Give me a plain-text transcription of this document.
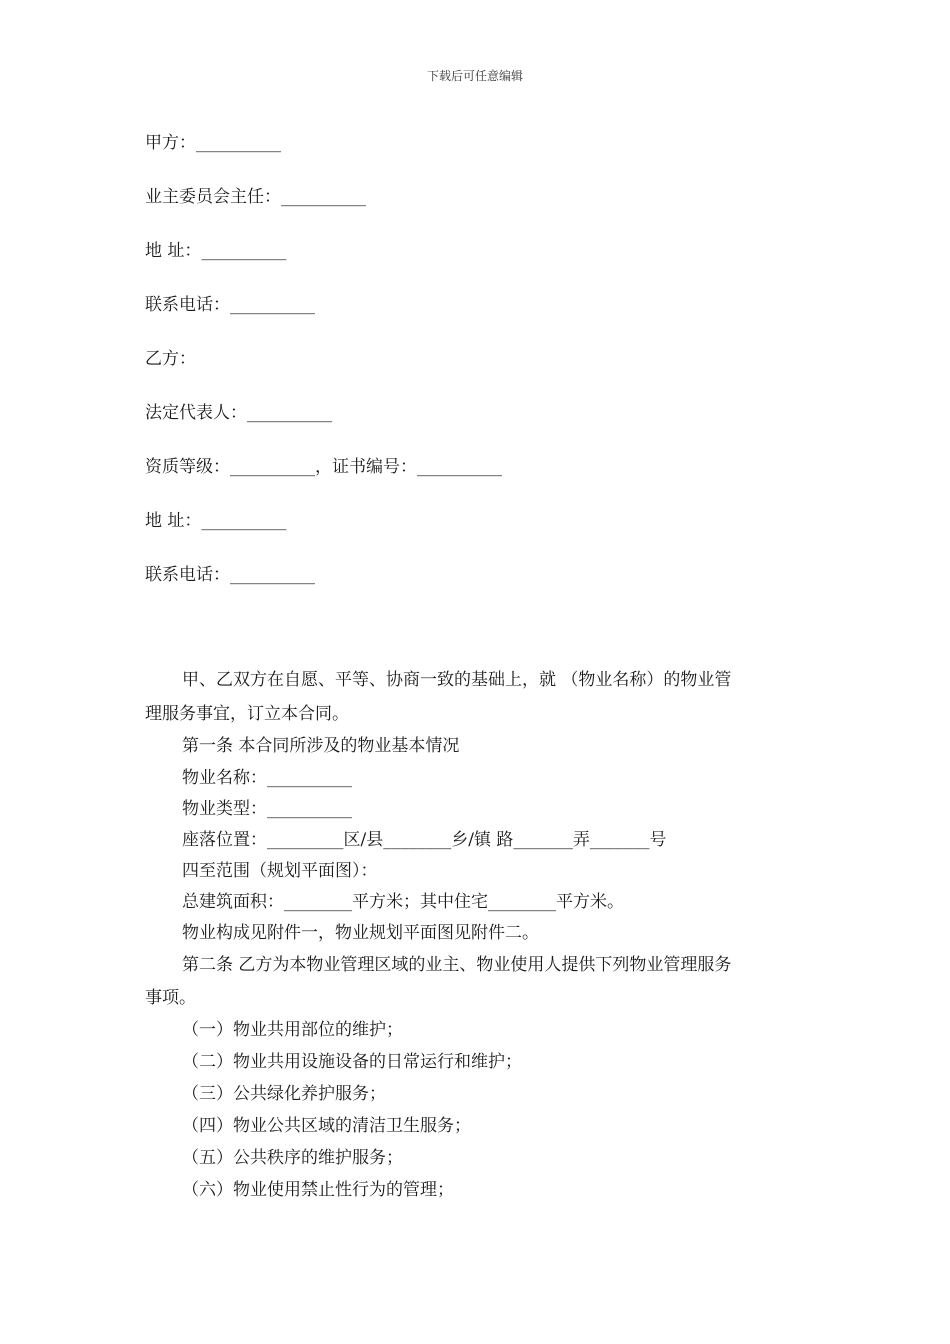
下载后可任意编辑
甲方：__________
业主委员会主任：__________
地 址：__________
联系电话：__________
乙方：
法定代表人：__________
资质等级：__________，证书编号：__________
地 址：__________
联系电话：__________
甲、乙双方在自愿、平等、协商一致的基础上，就 （物业名称）的物业管
理服务事宜，订立本合同。
第一条 本合同所涉及的物业基本情况
物业名称：__________
物业类型：__________
座落位置：_________区/县________乡/镇 路_______弄_______号
四至范围（规划平面图）：
总建筑面积：________平方米；其中住宅________平方米。
物业构成见附件一，物业规划平面图见附件二。
第二条 乙方为本物业管理区域的业主、物业使用人提供下列物业管理服务
事项。
（一）物业共用部位的维护；
（二）物业共用设施设备的日常运行和维护；
（三）公共绿化养护服务；
（四）物业公共区域的清洁卫生服务；
（五）公共秩序的维护服务；
（六）物业使用禁止性行为的管理；
